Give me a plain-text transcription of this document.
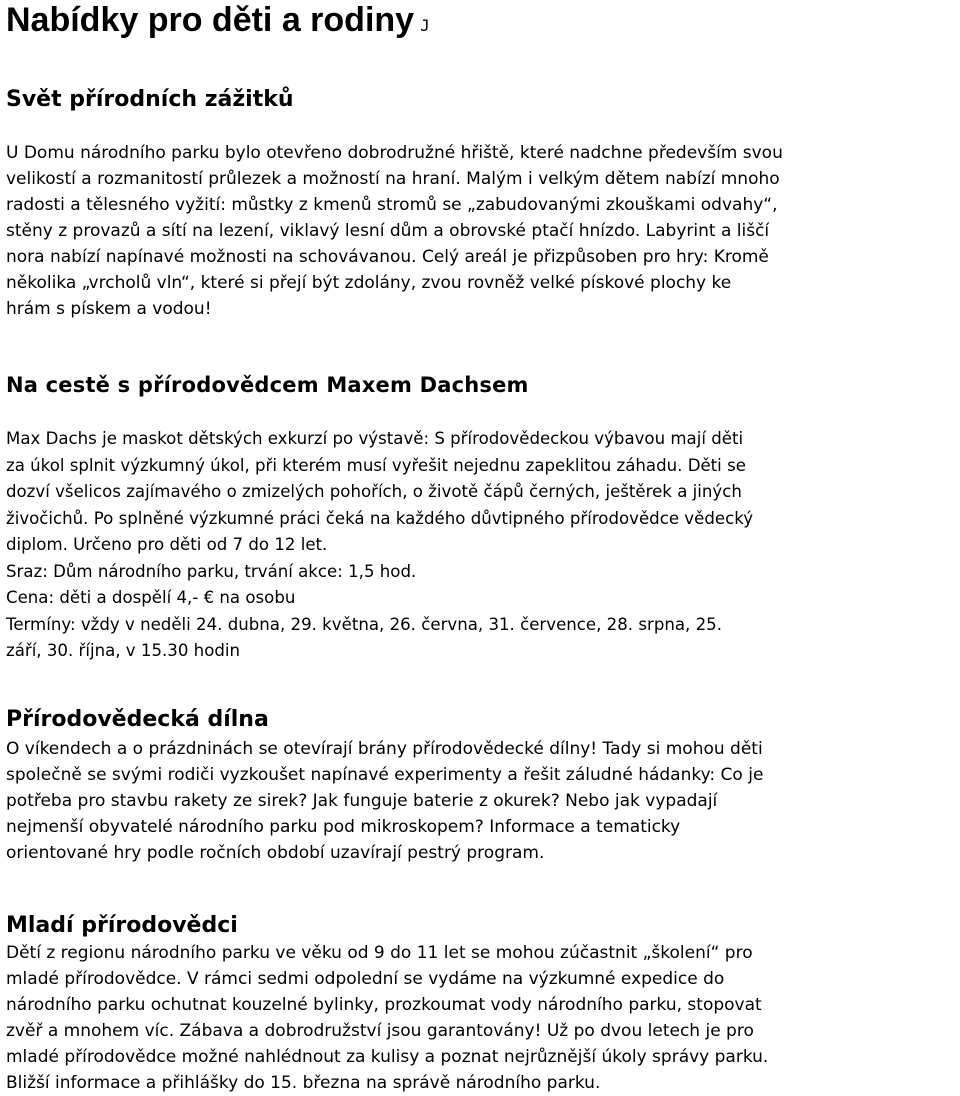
Nabídky pro děti a rodiny J
Svět přírodních zážitků
U Domu národního parku bylo otevřeno dobrodružné hřiště, které nadchne především svou
velikostí a rozmanitostí průlezek a možností na hraní. Malým i velkým dětem nabízí mnoho
radosti a tělesného vyžití: můstky z kmenů stromů se „zabudovanými zkouškami odvahy“,
stěny z provazů a sítí na lezení, viklavý lesní dům a obrovské ptačí hnízdo. Labyrint a liščí
nora nabízí napínavé možnosti na schovávanou. Celý areál je přizpůsoben pro hry: Kromě
několika „vrcholů vln“, které si přejí být zdolány, zvou rovněž velké pískové plochy ke
hrám s pískem a vodou!
Na cestě s přírodovědcem Maxem Dachsem
Max Dachs je maskot dětských exkurzí po výstavě: S přírodovědeckou výbavou mají děti
za úkol splnit výzkumný úkol, při kterém musí vyřešit nejednu zapeklitou záhadu. Děti se
dozví všelicos zajímavého o zmizelých pohořích, o životě čápů černých, ještěrek a jiných
živočichů. Po splněné výzkumné práci čeká na každého důvtipného přírodovědce vědecký
diplom. Určeno pro děti od 7 do 12 let.
Sraz: Dům národního parku, trvání akce: 1,5 hod.
Cena: děti a dospělí 4,- € na osobu
Termíny: vždy v neděli 24. dubna, 29. května, 26. června, 31. července, 28. srpna, 25.
září, 30. října, v 15.30 hodin
Přírodovědecká dílna
O víkendech a o prázdninách se otevírají brány přírodovědecké dílny! Tady si mohou děti
společně se svými rodiči vyzkoušet napínavé experimenty a řešit záludné hádanky: Co je
potřeba pro stavbu rakety ze sirek? Jak funguje baterie z okurek? Nebo jak vypadají
nejmenší obyvatelé národního parku pod mikroskopem? Informace a tematicky
orientované hry podle ročních období uzavírají pestrý program.
Mladí přírodovědci
Dětí z regionu národního parku ve věku od 9 do 11 let se mohou zúčastnit „školení“ pro
mladé přírodovědce. V rámci sedmi odpolední se vydáme na výzkumné expedice do
národního parku ochutnat kouzelné bylinky, prozkoumat vody národního parku, stopovat
zvěř a mnohem víc. Zábava a dobrodružství jsou garantovány! Už po dvou letech je pro
mladé přírodovědce možné nahlédnout za kulisy a poznat nejrůznější úkoly správy parku.
Bližší informace a přihlášky do 15. března na správě národního parku.
